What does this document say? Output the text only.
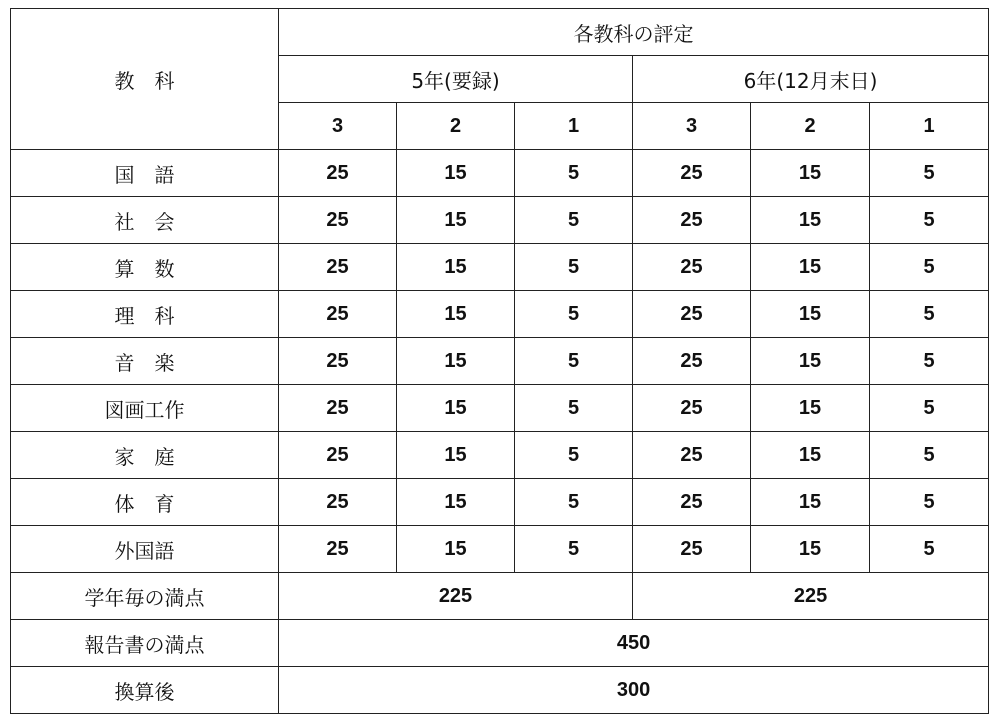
教　科	各教科の評定					
	5年(要録)			6年(12月末日)		
	3	2	1	3	2	1
国　語	25	15	5	25	15	5
社　会	25	15	5	25	15	5
算　数	25	15	5	25	15	5
理　科	25	15	5	25	15	5
音　楽	25	15	5	25	15	5
図画工作	25	15	5	25	15	5
家　庭	25	15	5	25	15	5
体　育	25	15	5	25	15	5
外国語	25	15	5	25	15	5
学年毎の満点	225			225		
報告書の満点	450					
換算後	300					
